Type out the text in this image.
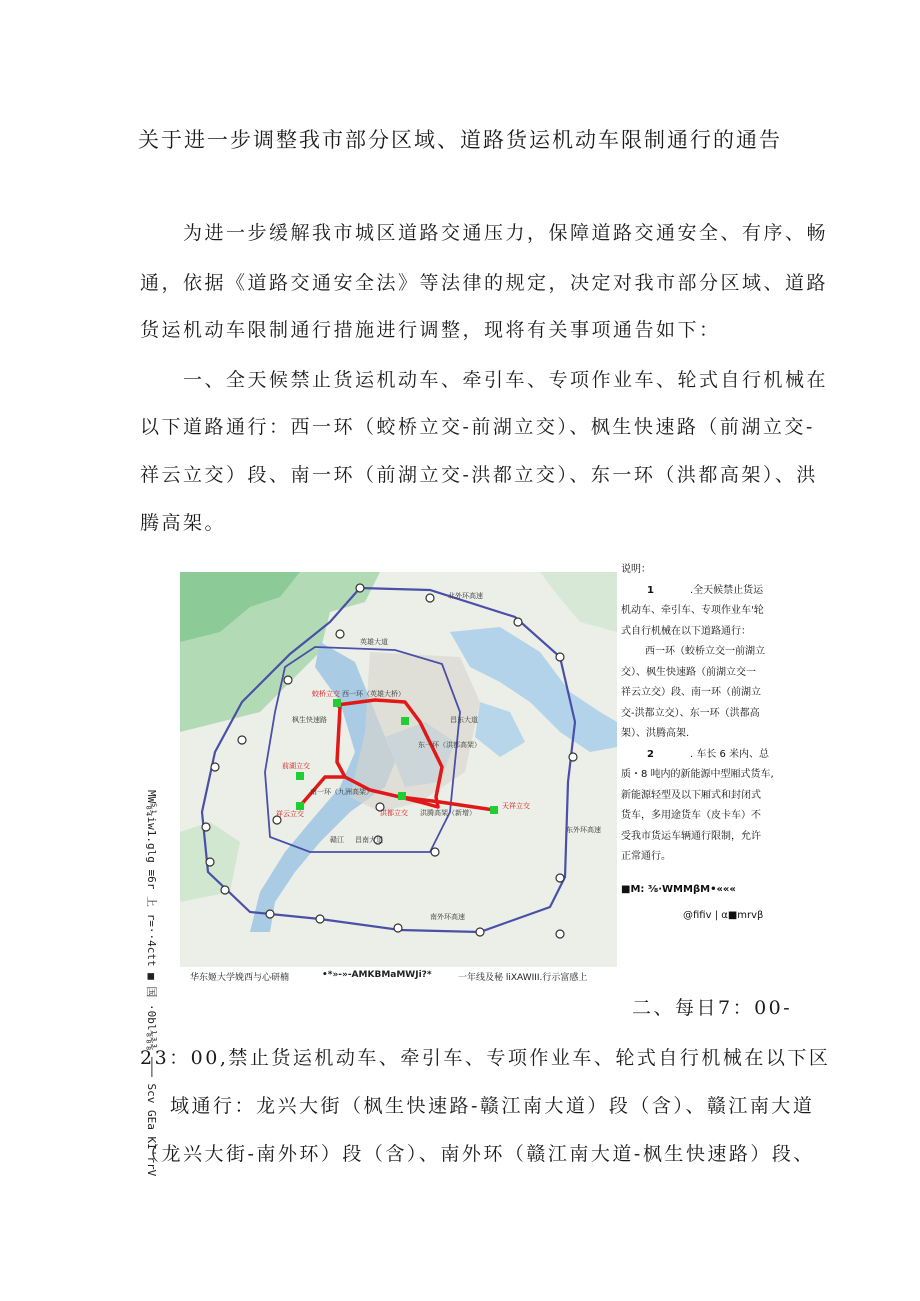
关于进一步调整我市部分区域、道路货运机动车限制通行的通告
为进一步缓解我市城区道路交通压力，保障道路交通安全、有序、畅
通，依据《道路交通安全法》等法律的规定，决定对我市部分区域、道路
货运机动车限制通行措施进行调整，现将有关事项通告如下：
一、全天候禁止货运机动车、牵引车、专项作业车、轮式自行机械在
以下道路通行：西一环（蛟桥立交-前湖立交）、枫生快速路（前湖立交-
祥云立交）段、南一环（前湖立交-洪都立交）、东一环（洪都高架）、洪
腾高架。
北外环高速
英雄大道
蛟桥立交 西一环（英雄大桥）
前湖立交
祥云立交
南一环（九洲高架）
洪都立交 洪腾高架（新增）
天祥立交
东一环（洪都高架）
东外环高速
南外环高速
昌南大道
枫生快速路
赣江
昌东大道

说明：

1	.全天候禁止货运

机动车、牵引车、专项作业车'轮

式自行机械在以下道路通行：

西一环（蛟桥立交一前湖立

交）、枫生快速路（前湖立交一

祥云立交）段、南一环（前湖立

交-洪都立交）、东一环（洪都高

架）、洪腾高架.

2	. 车长 6 米内、总

质・8 吨内的新能源中型厢式货车,

新能源轻型及以下厢式和封闭式

货车，多用途货车（皮卡车）不

受我市货运车辆通行限制，允许

正常通行。

■M: ⅜·WMMβM•«««

@fifiv | α■mrvβ

MW⅝¼iw1.glg ≡6r 上 r=··4ctt ■ 国 ·0bl⅛⅜⅜ ─── Scv GEa KI'rrV	华东姬大学娩西与心研楠	•*»-»-AMKBMaMWJi?*	一年线及秘 liXAWIII.行示富感上
二、每日7：00-
23：00,禁止货运机动车、牵引车、专项作业车、轮式自行机械在以下区
域通行：龙兴大街（枫生快速路-赣江南大道）段（含）、赣江南大道
（龙兴大街-南外环）段（含）、南外环（赣江南大道-枫生快速路）段、
